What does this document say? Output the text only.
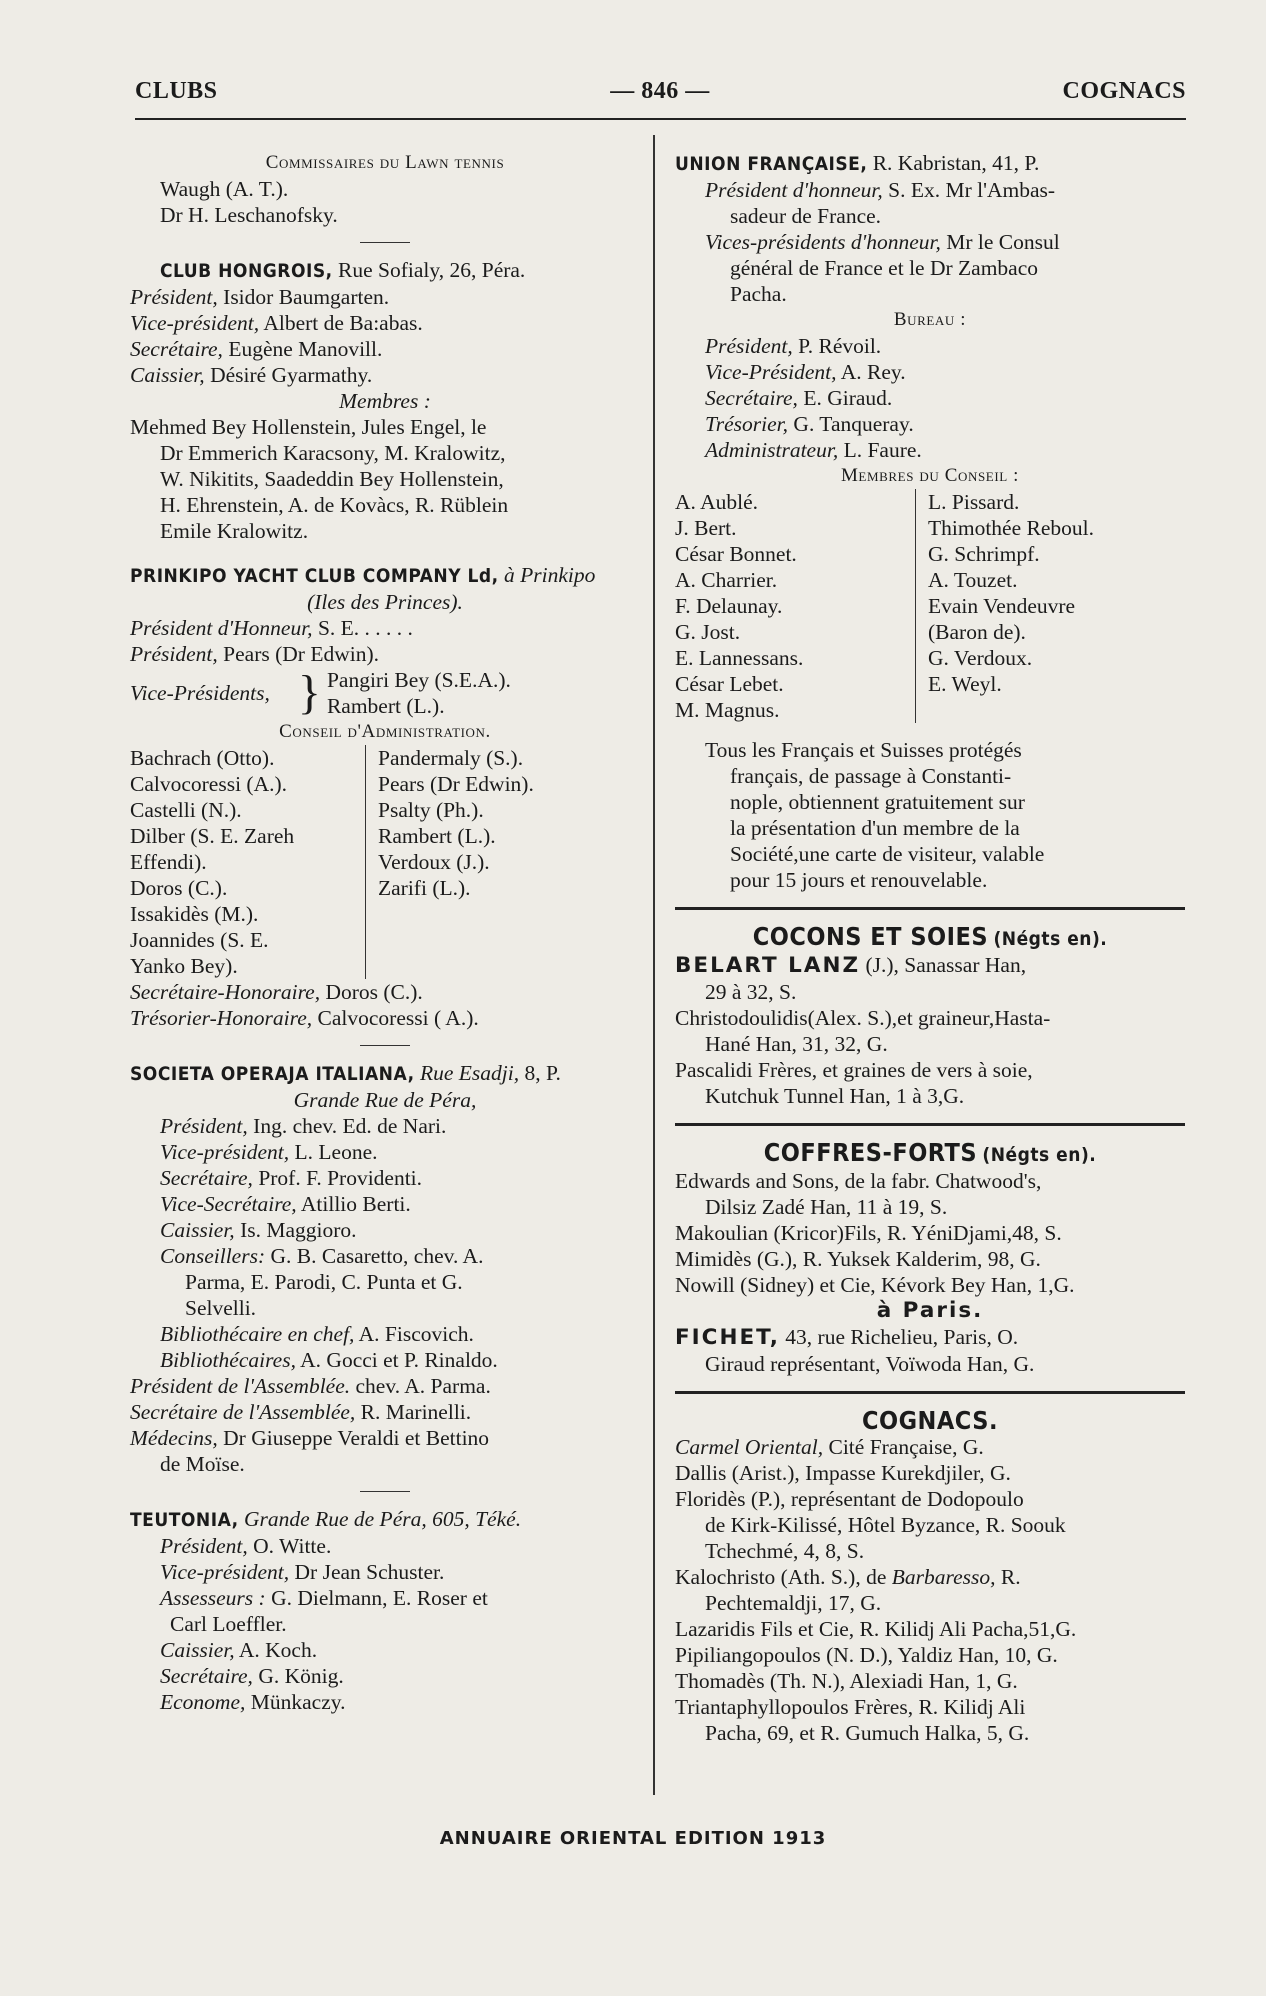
CLUBS	— 846 —	COGNACS

Commissaires du Lawn tennis

Waugh (A. T.).

Dr H. Leschanofsky.

CLUB HONGROIS, Rue Sofialy, 26, Péra.

Président, Isidor Baumgarten.

Vice-président, Albert de Ba:abas.

Secrétaire, Eugène Manovill.

Caissier, Désiré Gyarmathy.

Membres :

Mehmed Bey Hollenstein, Jules Engel, le

Dr Emmerich Karacsony, M. Kralowitz,

W. Nikitits, Saadeddin Bey Hollenstein,

H. Ehrenstein, A. de Kovàcs, R. Rüblein

Emile Kralowitz.

PRINKIPO YACHT CLUB COMPANY Ld, à Prinkipo

(Iles des Princes).

Président d'Honneur, S. E. . . . . .

Président, Pears (Dr Edwin).

Vice-Présidents, } Pangiri Bey (S.E.A.).

Rambert (L.).

Conseil d'Administration.

Bachrach (Otto).

Calvocoressi (A.).

Castelli (N.).

Dilber (S. E. Zareh

Effendi).

Doros (C.).

Issakidès (M.).

Joannides (S. E.

Yanko Bey).

Pandermaly (S.).

Pears (Dr Edwin).

Psalty (Ph.).

Rambert (L.).

Verdoux (J.).

Zarifi (L.).

Secrétaire-Honoraire, Doros (C.).

Trésorier-Honoraire, Calvocoressi ( A.).

SOCIETA OPERAJA ITALIANA, Rue Esadji, 8, P.

Grande Rue de Péra,

Président, Ing. chev. Ed. de Nari.

Vice-président, L. Leone.

Secrétaire, Prof. F. Providenti.

Vice-Secrétaire, Atillio Berti.

Caissier, Is. Maggioro.

Conseillers: G. B. Casaretto, chev. A.

Parma, E. Parodi, C. Punta et G.

Selvelli.

Bibliothécaire en chef, A. Fiscovich.

Bibliothécaires, A. Gocci et P. Rinaldo.

Président de l'Assemblée. chev. A. Parma.

Secrétaire de l'Assemblée, R. Marinelli.

Médecins, Dr Giuseppe Veraldi et Bettino

de Moïse.

TEUTONIA, Grande Rue de Péra, 605, Téké.

Président, O. Witte.

Vice-président, Dr Jean Schuster.

Assesseurs : G. Dielmann, E. Roser et

Carl Loeffler.

Caissier, A. Koch.

Secrétaire, G. König.

Econome, Münkaczy.

UNION FRANÇAISE, R. Kabristan, 41, P.

Président d'honneur, S. Ex. Mr l'Ambas-

sadeur de France.

Vices-présidents d'honneur, Mr le Consul

général de France et le Dr Zambaco

Pacha.

Bureau :

Président, P. Révoil.

Vice-Président, A. Rey.

Secrétaire, E. Giraud.

Trésorier, G. Tanqueray.

Administrateur, L. Faure.

Membres du Conseil :

A. Aublé.

J. Bert.

César Bonnet.

A. Charrier.

F. Delaunay.

G. Jost.

E. Lannessans.

César Lebet.

M. Magnus.

L. Pissard.

Thimothée Reboul.

G. Schrimpf.

A. Touzet.

Evain Vendeuvre

(Baron de).

G. Verdoux.

E. Weyl.

Tous les Français et Suisses protégés

français, de passage à Constanti-

nople, obtiennent gratuitement sur

la présentation d'un membre de la

Société,une carte de visiteur, valable

pour 15 jours et renouvelable.

COCONS ET SOIES (Négts en).

BELART LANZ (J.), Sanassar Han,

29 à 32, S.

Christodoulidis(Alex. S.),et graineur,Hasta-

Hané Han, 31, 32, G.

Pascalidi Frères, et graines de vers à soie,

Kutchuk Tunnel Han, 1 à 3,G.

COFFRES-FORTS (Négts en).

Edwards and Sons, de la fabr. Chatwood's,

Dilsiz Zadé Han, 11 à 19, S.

Makoulian (Kricor)Fils, R. YéniDjami,48, S.

Mimidès (G.), R. Yuksek Kalderim, 98, G.

Nowill (Sidney) et Cie, Kévork Bey Han, 1,G.

à Paris.

FICHET, 43, rue Richelieu, Paris, O.

Giraud représentant, Voïwoda Han, G.

COGNACS.

Carmel Oriental, Cité Française, G.

Dallis (Arist.), Impasse Kurekdjiler, G.

Floridès (P.), représentant de Dodopoulo

de Kirk-Kilissé, Hôtel Byzance, R. Soouk

Tchechmé, 4, 8, S.

Kalochristo (Ath. S.), de Barbaresso, R.

Pechtemaldji, 17, G.

Lazaridis Fils et Cie, R. Kilidj Ali Pacha,51,G.

Pipiliangopoulos (N. D.), Yaldiz Han, 10, G.

Thomadès (Th. N.), Alexiadi Han, 1, G.

Triantaphyllopoulos Frères, R. Kilidj Ali

Pacha, 69, et R. Gumuch Halka, 5, G.

ANNUAIRE ORIENTAL EDITION 1913
